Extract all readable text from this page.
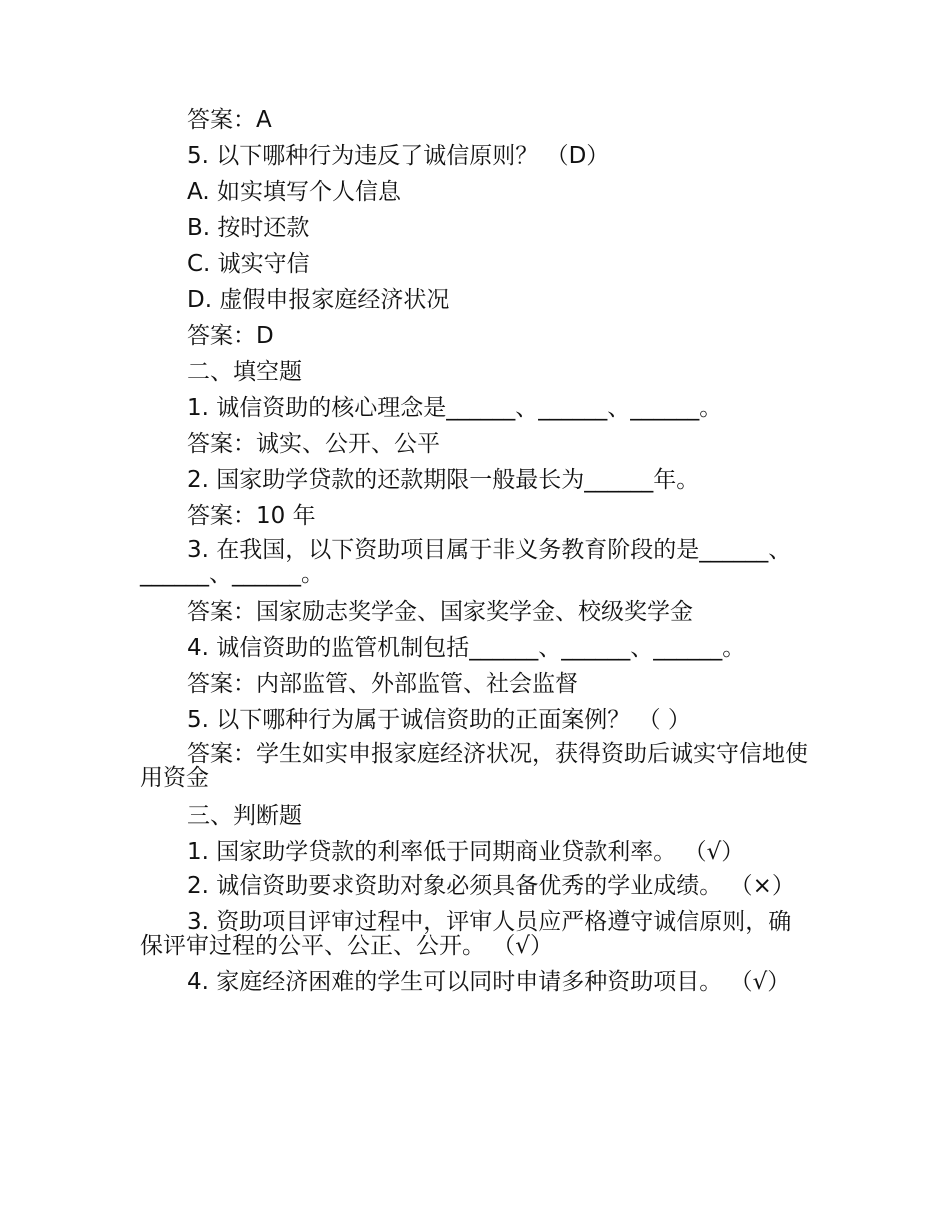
答案：A

5. 以下哪种行为违反了诚信原则？ （D）

A. 如实填写个人信息

B. 按时还款

C. 诚实守信

D. 虚假申报家庭经济状况

答案：D

二、填空题

1. 诚信资助的核心理念是______、______、______。

答案：诚实、公开、公平

2. 国家助学贷款的还款期限一般最长为______年。

答案：10 年

3. 在我国，以下资助项目属于非义务教育阶段的是______、______、______。

答案：国家励志奖学金、国家奖学金、校级奖学金

4. 诚信资助的监管机制包括______、______、______。

答案：内部监管、外部监管、社会监督

5. 以下哪种行为属于诚信资助的正面案例？ （ ）

答案：学生如实申报家庭经济状况，获得资助后诚实守信地使用资金

三、判断题

1. 国家助学贷款的利率低于同期商业贷款利率。 （√）

2. 诚信资助要求资助对象必须具备优秀的学业成绩。 （×）

3. 资助项目评审过程中，评审人员应严格遵守诚信原则，确保评审过程的公平、公正、公开。 （√）

4. 家庭经济困难的学生可以同时申请多种资助项目。 （√）
